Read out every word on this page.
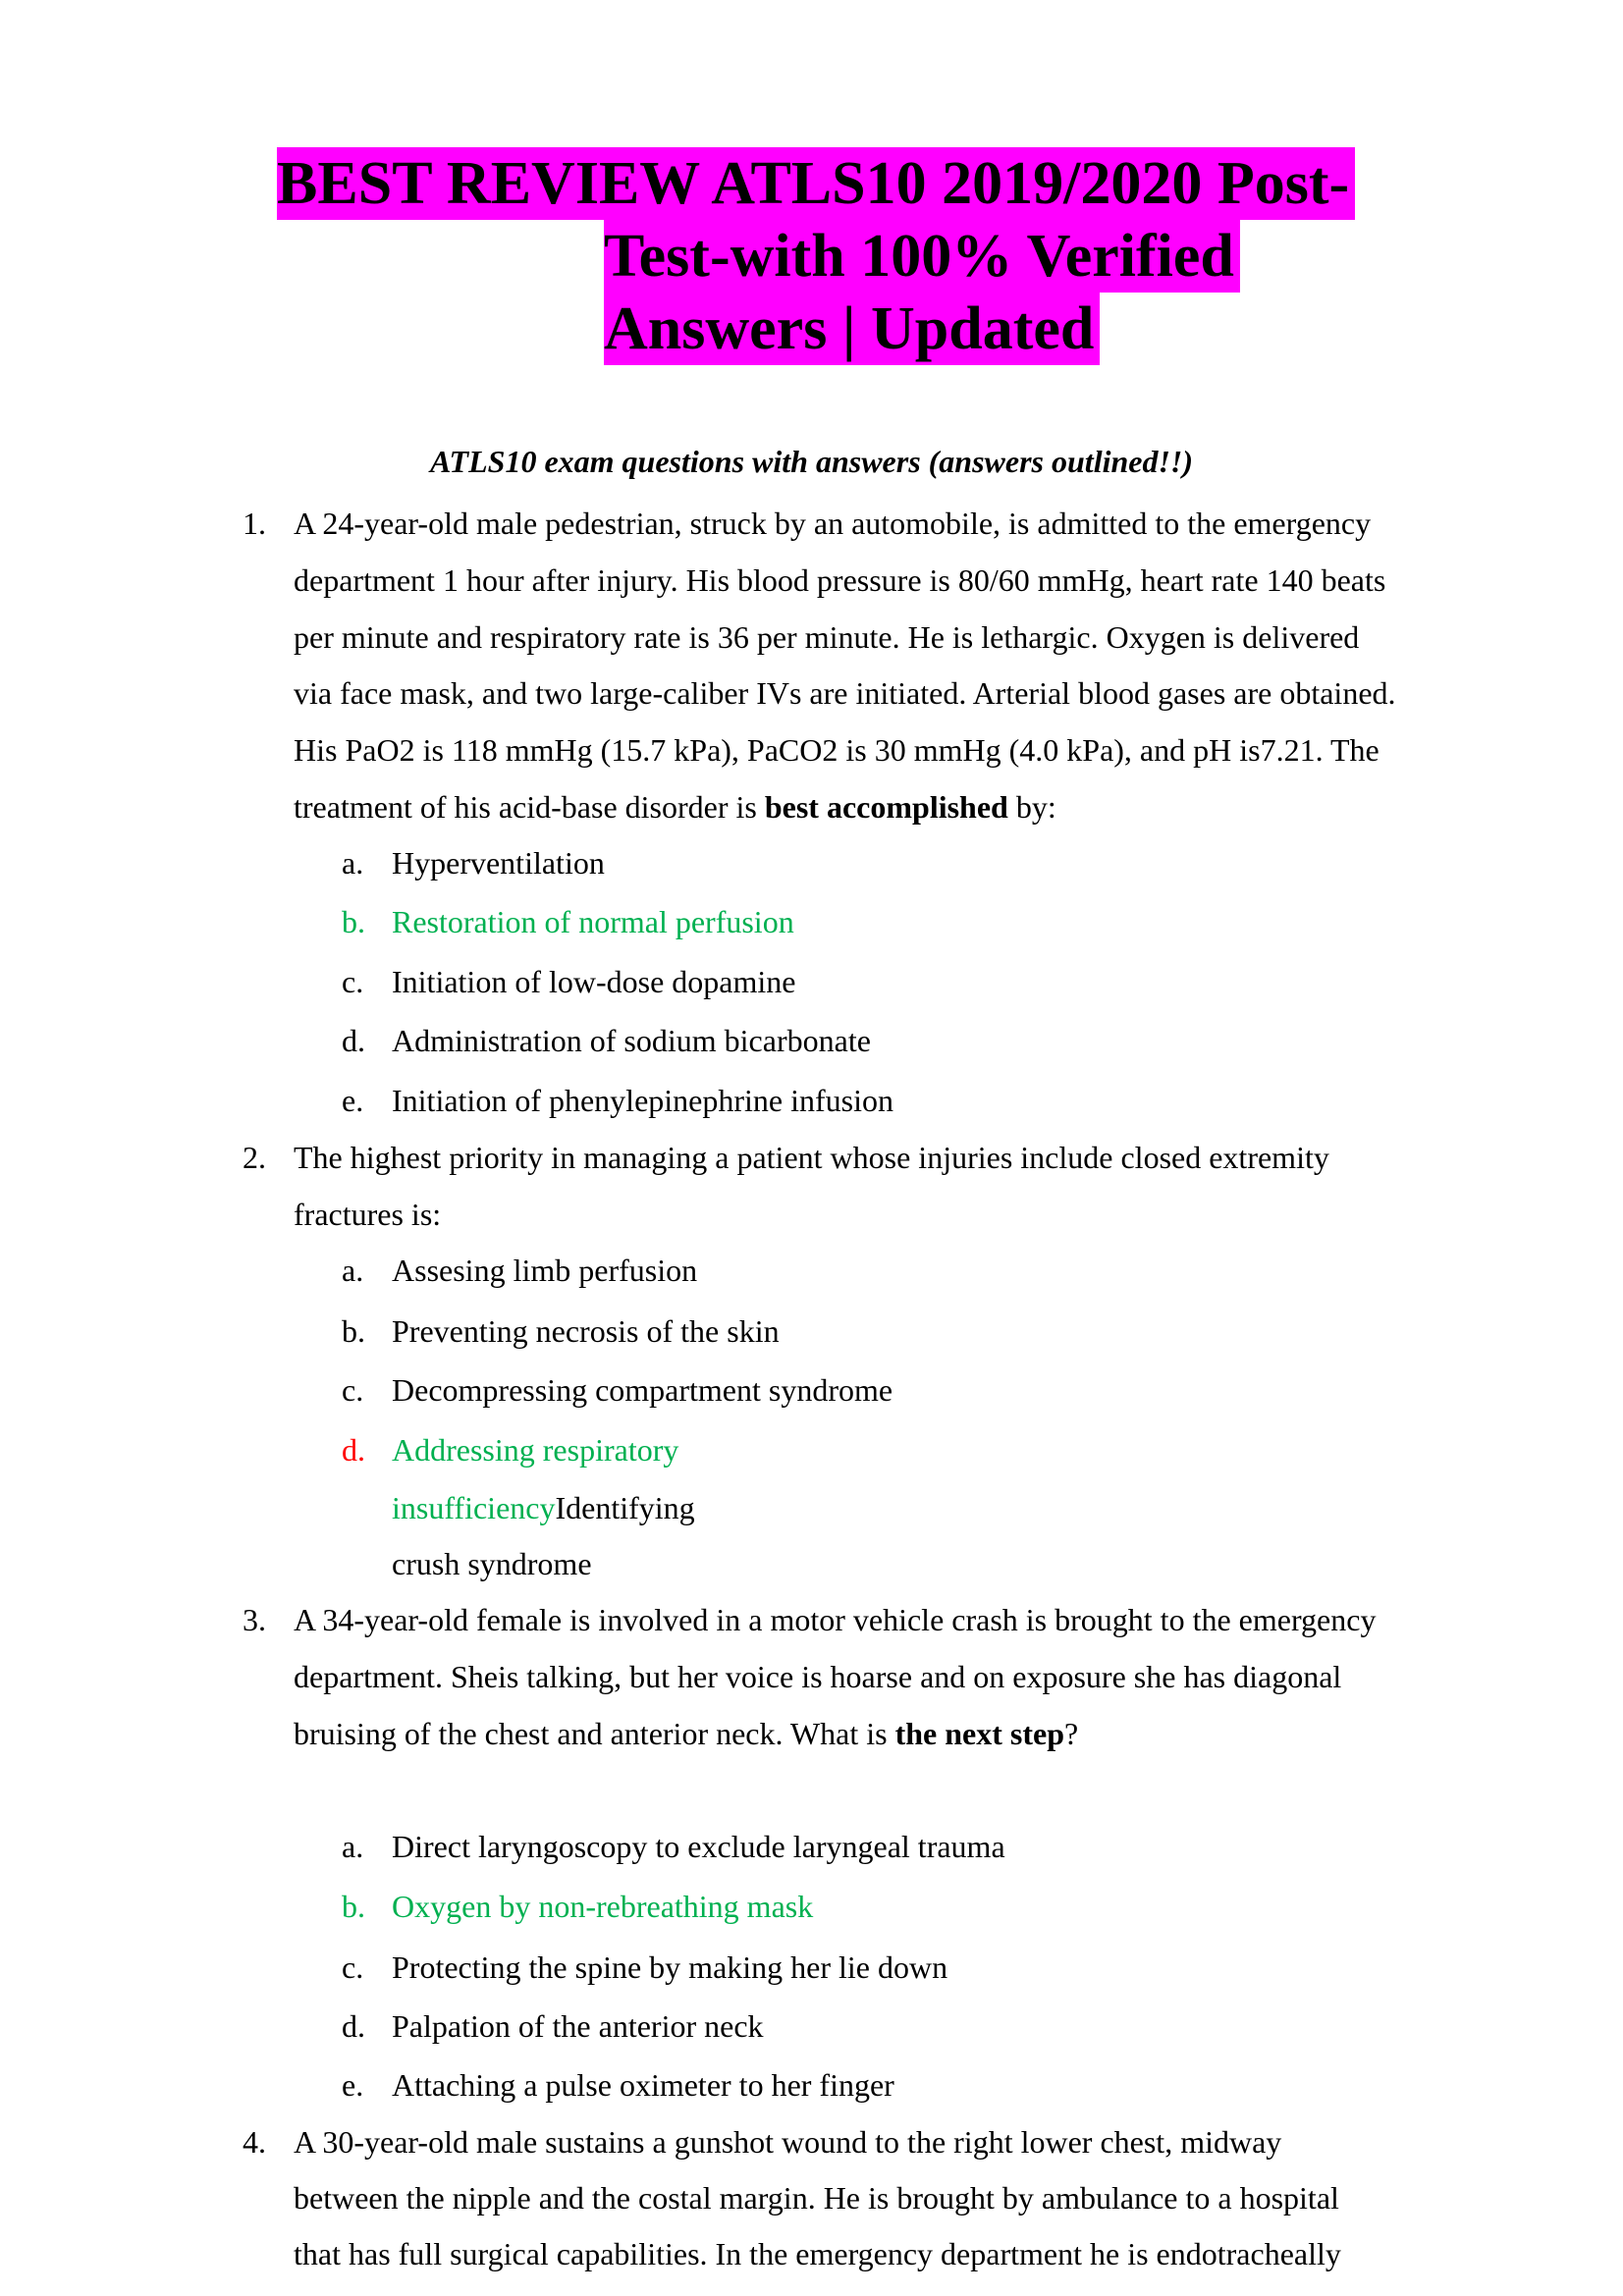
BEST REVIEW ATLS10 2019/2020 Post-
Test-with 100% Verified
Answers | Updated
ATLS10 exam questions with answers (answers outlined!!)
1. A 24-year-old male pedestrian, struck by an automobile, is admitted to the emergency
department 1 hour after injury. His blood pressure is 80/60 mmHg, heart rate 140 beats
per minute and respiratory rate is 36 per minute. He is lethargic. Oxygen is delivered
via face mask, and two large-caliber IVs are initiated. Arterial blood gases are obtained.
His PaO2 is 118 mmHg (15.7 kPa), PaCO2 is 30 mmHg (4.0 kPa), and pH is7.21. The
treatment of his acid-base disorder is best accomplished by:
a. Hyperventilation
b. Restoration of normal perfusion
c. Initiation of low-dose dopamine
d. Administration of sodium bicarbonate
e. Initiation of phenylepinephrine infusion
2. The highest priority in managing a patient whose injuries include closed extremity
fractures is:
a. Assesing limb perfusion
b. Preventing necrosis of the skin
c. Decompressing compartment syndrome
d. Addressing respiratory
insufficiencyIdentifying
crush syndrome
3. A 34-year-old female is involved in a motor vehicle crash is brought to the emergency
department. Sheis talking, but her voice is hoarse and on exposure she has diagonal
bruising of the chest and anterior neck. What is the next step?
a. Direct laryngoscopy to exclude laryngeal trauma
b. Oxygen by non-rebreathing mask
c. Protecting the spine by making her lie down
d. Palpation of the anterior neck
e. Attaching a pulse oximeter to her finger
4. A 30-year-old male sustains a gunshot wound to the right lower chest, midway
between the nipple and the costal margin. He is brought by ambulance to a hospital
that has full surgical capabilities. In the emergency department he is endotracheally
